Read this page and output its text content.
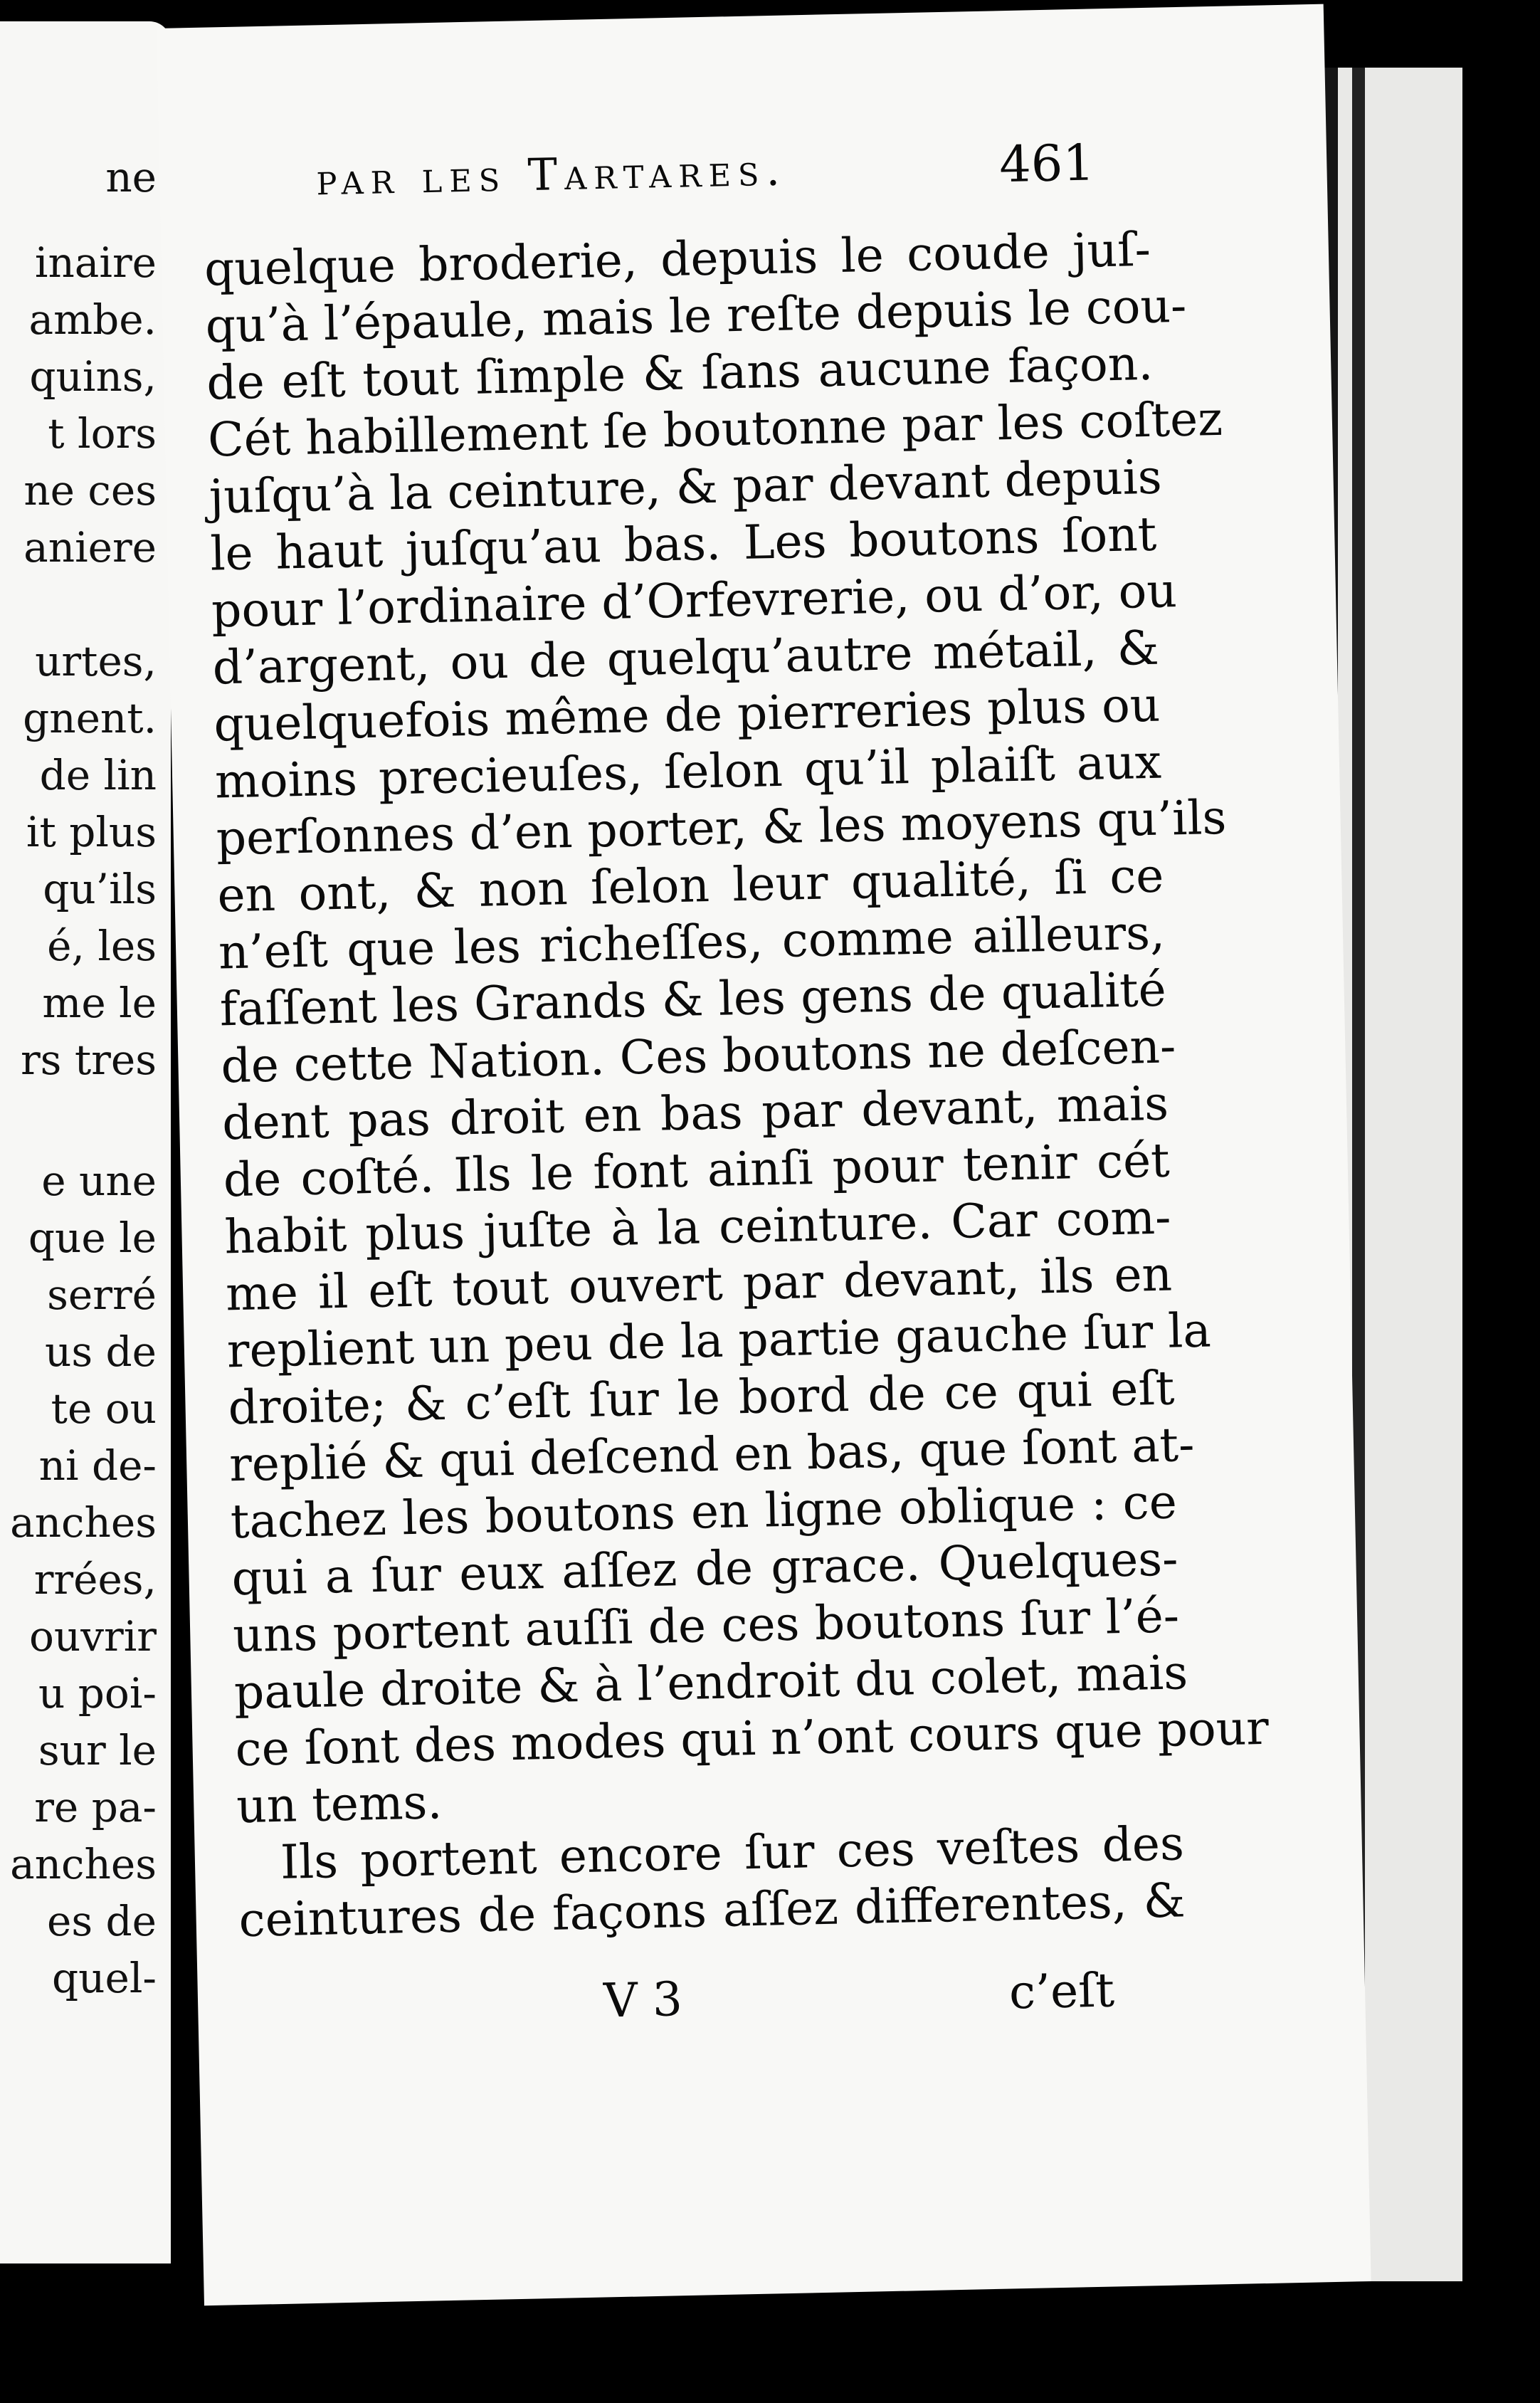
ne
inaire
ambe.
quins,
t lors
ne ces
aniere
urtes,
gnent.
de lin
it plus
qu’ils
é, les
me le
rs tres
e une
que le
serré
us de
te ou
ni de-
anches
rrées,
ouvrir
u poi-
sur le
re pa-
anches
es de
quel-
par les Tartares.	461
quelque broderie, depuis le coude juſ-
qu’à l’épaule, mais le reſte depuis le cou-
de eſt tout ſimple & ſans aucune façon.
Cét habillement ſe boutonne par les coſtez
juſqu’à la ceinture, & par devant depuis
le haut juſqu’au bas. Les boutons ſont
pour l’ordinaire d’Orfevrerie, ou d’or, ou
d’argent, ou de quelqu’autre métail, &
quelquefois même de pierreries plus ou
moins precieuſes, ſelon qu’il plaiſt aux
perſonnes d’en porter, & les moyens qu’ils
en ont, & non ſelon leur qualité, ſi ce
n’eſt que les richeſſes, comme ailleurs,
faſſent les Grands & les gens de qualité
de cette Nation. Ces boutons ne deſcen-
dent pas droit en bas par devant, mais
de coſté. Ils le font ainſi pour tenir cét
habit plus juſte à la ceinture. Car com-
me il eſt tout ouvert par devant, ils en
replient un peu de la partie gauche ſur la
droite; & c’eſt ſur le bord de ce qui eſt
replié & qui deſcend en bas, que ſont at-
tachez les boutons en ligne oblique : ce
qui a ſur eux aſſez de grace. Quelques-
uns portent auſſi de ces boutons ſur l’é-
paule droite & à l’endroit du colet, mais
ce ſont des modes qui n’ont cours que pour
un tems.
Ils portent encore ſur ces veſtes des
ceintures de façons aſſez differentes, &
V 3	c’eſt
